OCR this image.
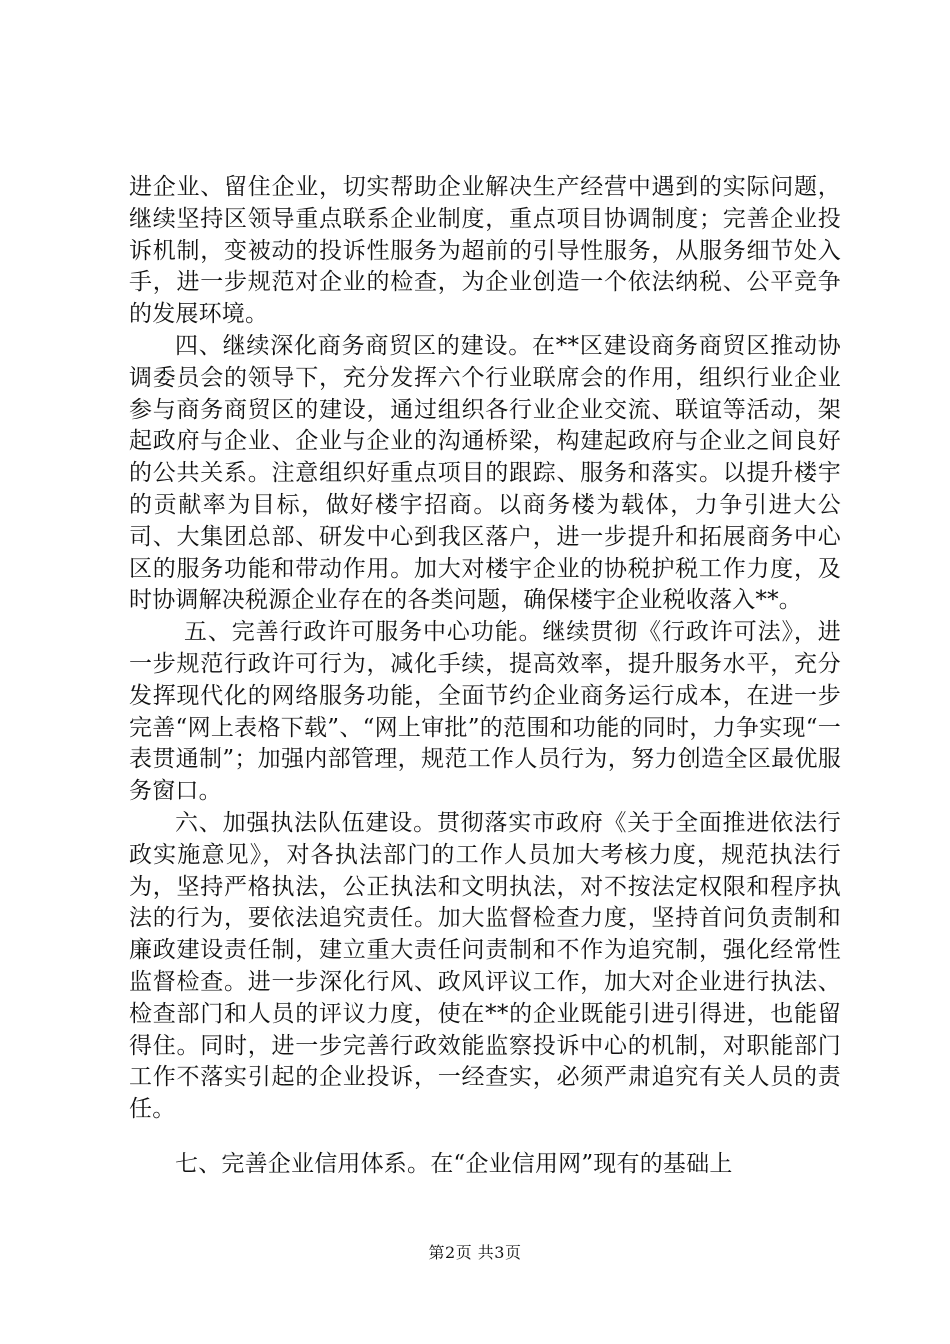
进企业、留住企业，切实帮助企业解决生产经营中遇到的实际问题，继续坚持区领导重点联系企业制度，重点项目协调制度；完善企业投诉机制，变被动的投诉性服务为超前的引导性服务，从服务细节处入手，进一步规范对企业的检查，为企业创造一个依法纳税、公平竞争的发展环境。

四、继续深化商务商贸区的建设。在**区建设商务商贸区推动协调委员会的领导下，充分发挥六个行业联席会的作用，组织行业企业参与商务商贸区的建设，通过组织各行业企业交流、联谊等活动，架起政府与企业、企业与企业的沟通桥梁，构建起政府与企业之间良好的公共关系。注意组织好重点项目的跟踪、服务和落实。以提升楼宇的贡献率为目标，做好楼宇招商。以商务楼为载体，力争引进大公司、大集团总部、研发中心到我区落户，进一步提升和拓展商务中心区的服务功能和带动作用。加大对楼宇企业的协税护税工作力度，及时协调解决税源企业存在的各类问题，确保楼宇企业税收落入**。

五、完善行政许可服务中心功能。继续贯彻《行政许可法》，进一步规范行政许可行为，减化手续，提高效率，提升服务水平，充分发挥现代化的网络服务功能，全面节约企业商务运行成本，在进一步完善“网上表格下载”、“网上审批”的范围和功能的同时，力争实现“一表贯通制”；加强内部管理，规范工作人员行为，努力创造全区最优服务窗口。

六、加强执法队伍建设。贯彻落实市政府《关于全面推进依法行政实施意见》，对各执法部门的工作人员加大考核力度，规范执法行为，坚持严格执法，公正执法和文明执法，对不按法定权限和程序执法的行为，要依法追究责任。加大监督检查力度，坚持首问负责制和廉政建设责任制，建立重大责任问责制和不作为追究制，强化经常性监督检查。进一步深化行风、政风评议工作，加大对企业进行执法、检查部门和人员的评议力度，使在**的企业既能引进引得进，也能留得住。同时，进一步完善行政效能监察投诉中心的机制，对职能部门工作不落实引起的企业投诉，一经查实，必须严肃追究有关人员的责任。

七、完善企业信用体系。在“企业信用网”现有的基础上

第2页 共3页
